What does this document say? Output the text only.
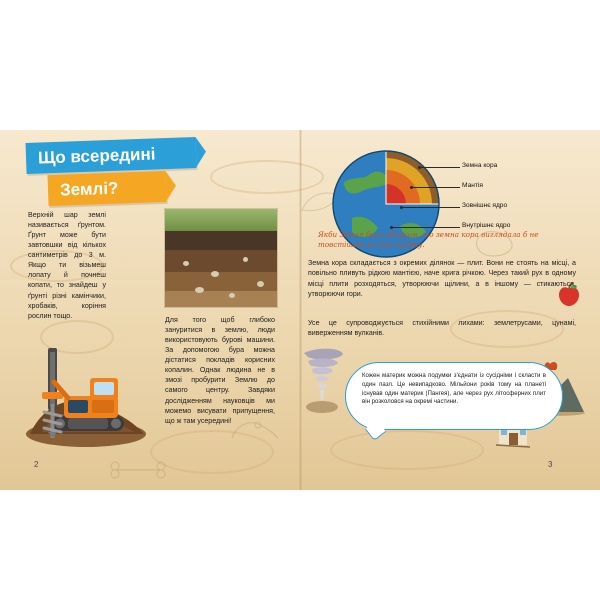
Що всередині
Землі?
Верхній шар землі називається ґрунтом. Ґрунт може бути завтовшки від кількох сантиметрів до 3 м. Якщо ти візьмеш лопату й почнеш копати, то знайдеш у ґрунті різні камінчики, хробаків, коріння рослин тощо.
Для того щоб глибоко зануритися в землю, люди використовують бурові машини. За допомогою бура можна дістатися покладів корисних копалин. Однак людина не в змозі пробурити Землю до самого центру. Завдяки дослідженням науковців ми можемо висувати припущення, що ж там усередині!
2
Земна кора
Мантія
Зовнішнє ядро
Внутрішнє ядро
Якби Земля була яблуком, то земна кора виглядала б не товстішою за його шкірку.
Земна кора складається з окремих ділянок — плит. Вони не стоять на місці, а повільно пливуть рідкою мантією, наче крига річкою. Через такий рух в одному місці плити розходяться, утворюючи щілини, а в іншому — стикаються, утворюючи гори.
Усе це супроводжується стихійними лихами: землетрусами, цунамі, виверженням вулканів.
Кожен материк можна подумки з'єднати із сусідніми і скласти в один пазл. Це невипадково. Мільйони років тому на планеті існував один материк (Пангея), але через рух літосферних плит він розколовся на окремі частини.
3
